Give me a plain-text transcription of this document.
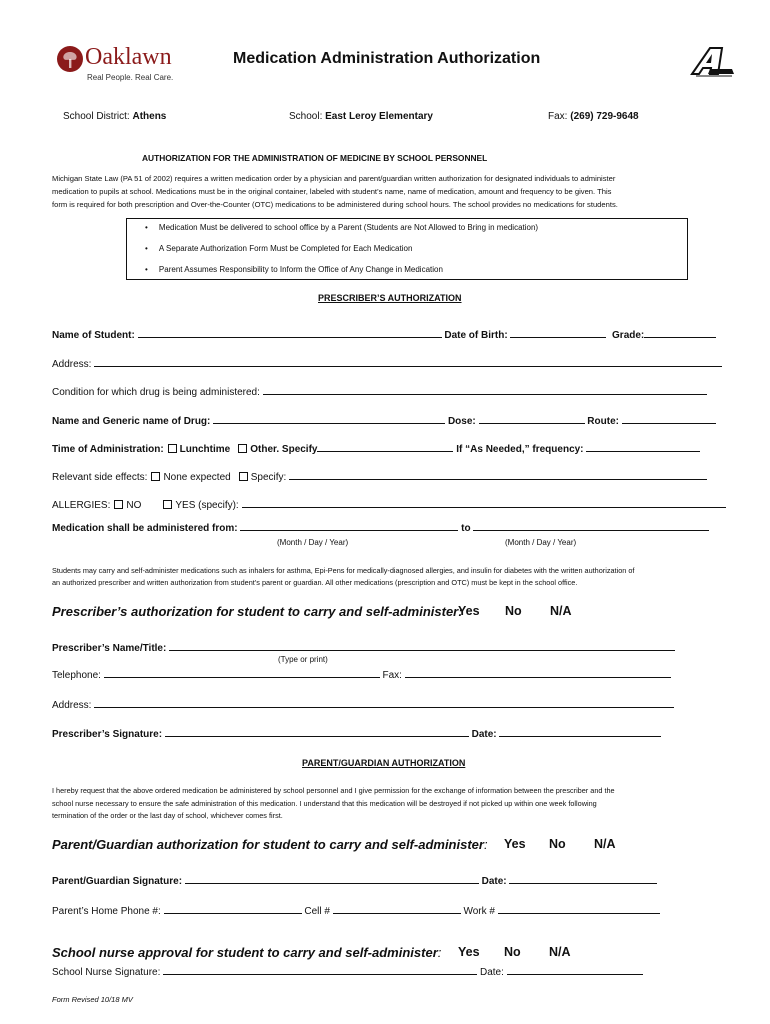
Oaklawn
Real People. Real Care.
Medication Administration Authorization
School District: Athens	School: East Leroy Elementary	Fax: (269) 729-9648
AUTHORIZATION FOR THE ADMINISTRATION OF MEDICINE BY SCHOOL PERSONNEL
Michigan State Law (PA 51 of 2002) requires a written medication order by a physician and parent/guardian written authorization for designated individuals to administer
medication to pupils at school. Medications must be in the original container, labeled with student’s name, name of medication, amount and frequency to be given. This
form is required for both prescription and Over-the-Counter (OTC) medications to be administered during school hours. The school provides no medications for students.
•     Medication Must be delivered to school office by a Parent (Students are Not Allowed to Bring in medication)
•     A Separate Authorization Form Must be Completed for Each Medication
•     Parent Assumes Responsibility to Inform the Office of Any Change in Medication
PRESCRIBER’S AUTHORIZATION
Name of Student:	Date of Birth:	Grade:
Address:
Condition for which drug is being administered:
Name and Generic name of Drug:	Dose:	Route:
Time of Administration: Lunchtime Other. Specify	If “As Needed,” frequency:
Relevant side effects: None expected Specify:
ALLERGIES: NO	YES (specify):
Medication shall be administered from:	to
(Month / Day / Year)	(Month / Day / Year)
Students may carry and self-administer medications such as inhalers for asthma, Epi-Pens for medically-diagnosed allergies, and insulin for diabetes with the written authorization of
an authorized prescriber and written authorization from student’s parent or guardian. All other medications (prescription and OTC) must be kept in the school office.
Prescriber’s authorization for student to carry and self-administer:
Yes No N/A
Prescriber’s Name/Title:
(Type or print)
Telephone:	Fax:
Address:
Prescriber’s Signature:	Date:
PARENT/GUARDIAN AUTHORIZATION
I hereby request that the above ordered medication be administered by school personnel and I give permission for the exchange of information between the prescriber and the
school nurse necessary to ensure the safe administration of this medication. I understand that this medication will be destroyed if not picked up within one week following
termination of the order or the last day of school, whichever comes first.
Parent/Guardian authorization for student to carry and self-administer: Yes No N/A
Parent/Guardian Signature:	Date:
Parent’s Home Phone #:	Cell #	Work #
School nurse approval for student to carry and self-administer: Yes No N/A
School Nurse Signature:	Date:
Form Revised 10/18 MV
